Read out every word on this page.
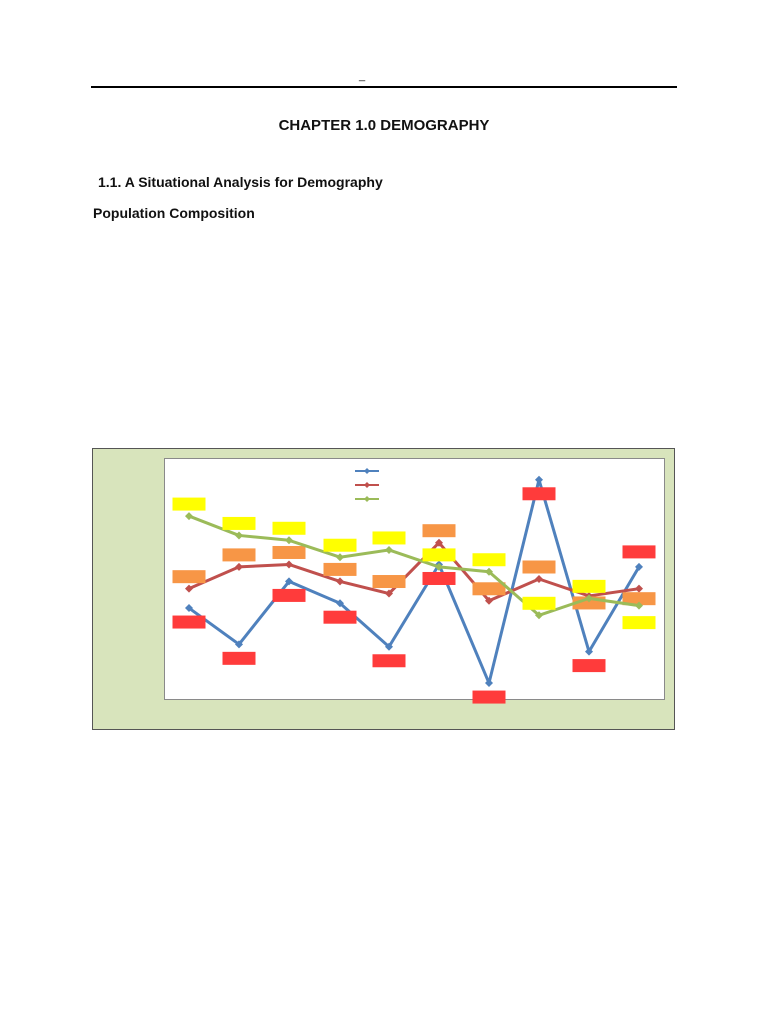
_
CHAPTER 1.0 DEMOGRAPHY
1.1. A Situational Analysis for Demography
Population Composition
